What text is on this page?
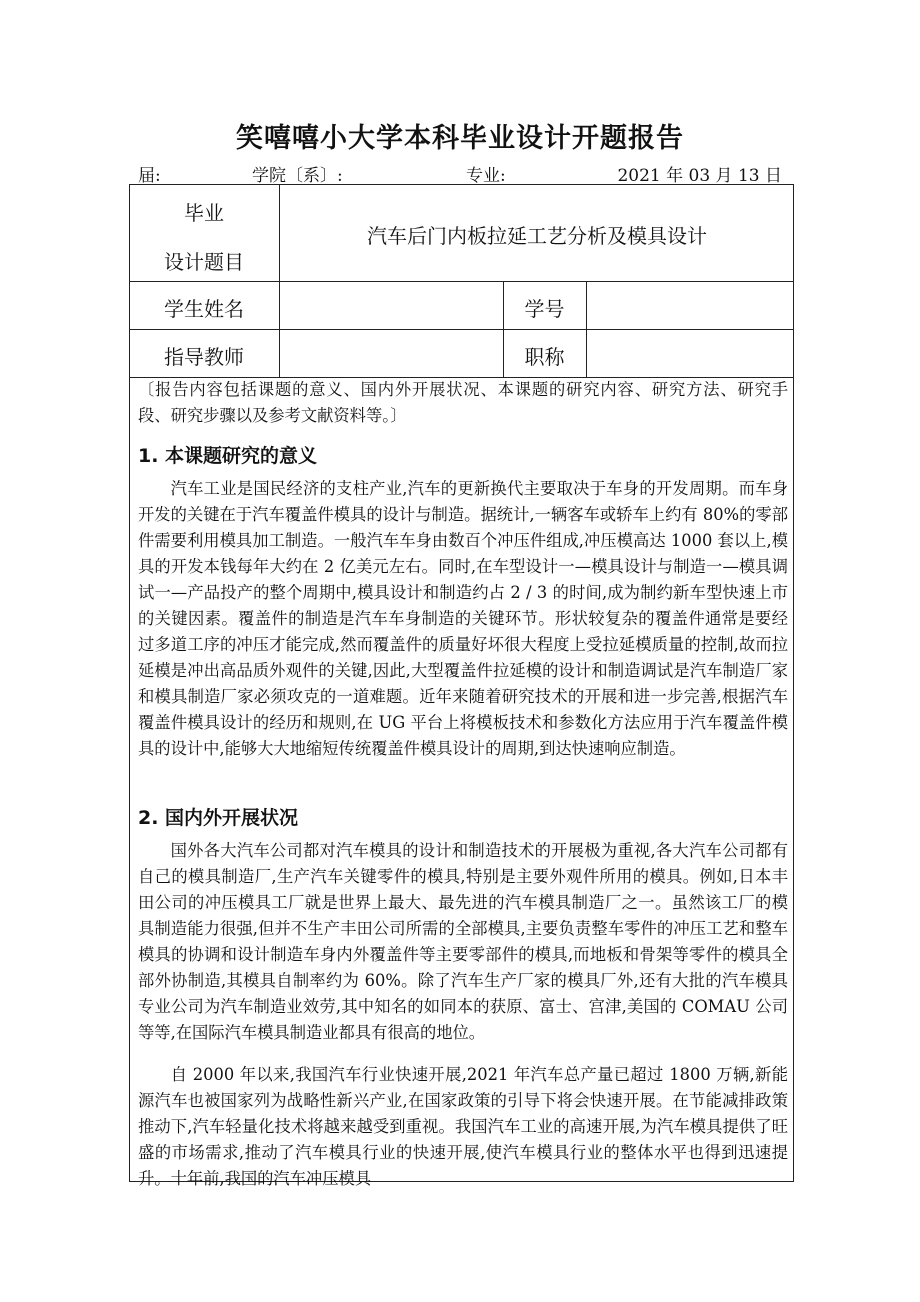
笑嘻嘻小大学本科毕业设计开题报告
届:	学院〔系〕:	专业:	2021 年 03 月 13 日
毕业
设计题目
汽车后门内板拉延工艺分析及模具设计
学生姓名	学号
指导教师	职称
〔报告内容包括课题的意义、国内外开展状况、本课题的研究内容、研究方法、研究手段、研究步骤以及参考文献资料等。〕
1. 本课题研究的意义

汽车工业是国民经济的支柱产业,汽车的更新换代主要取决于车身的开发周期。而车身开发的关键在于汽车覆盖件模具的设计与制造。据统计,一辆客车或轿车上约有 80%的零部件需要利用模具加工制造。一般汽车车身由数百个冲压件组成,冲压模高达 1000 套以上,模具的开发本钱每年大约在 2 亿美元左右。同时,在车型设计一—模具设计与制造一—模具调试一—产品投产的整个周期中,模具设计和制造约占 2 / 3 的时间,成为制约新车型快速上市的关键因素。覆盖件的制造是汽车车身制造的关键环节。形状较复杂的覆盖件通常是要经过多道工序的冲压才能完成,然而覆盖件的质量好坏很大程度上受拉延模质量的控制,故而拉延模是冲出高品质外观件的关键,因此,大型覆盖件拉延模的设计和制造调试是汽车制造厂家和模具制造厂家必须攻克的一道难题。近年来随着研究技术的开展和进一步完善,根据汽车覆盖件模具设计的经历和规则,在 UG 平台上将模板技术和参数化方法应用于汽车覆盖件模具的设计中,能够大大地缩短传统覆盖件模具设计的周期,到达快速响应制造。

2. 国内外开展状况

国外各大汽车公司都对汽车模具的设计和制造技术的开展极为重视,各大汽车公司都有自己的模具制造厂,生产汽车关键零件的模具,特别是主要外观件所用的模具。例如,日本丰田公司的冲压模具工厂就是世界上最大、最先进的汽车模具制造厂之一。虽然该工厂的模具制造能力很强,但并不生产丰田公司所需的全部模具,主要负责整车零件的冲压工艺和整车模具的协调和设计制造车身内外覆盖件等主要零部件的模具,而地板和骨架等零件的模具全部外协制造,其模具自制率约为 60%。除了汽车生产厂家的模具厂外,还有大批的汽车模具专业公司为汽车制造业效劳,其中知名的如同本的获原、富士、宫津,美国的 COMAU 公司等等,在国际汽车模具制造业都具有很高的地位。

自 2000 年以来,我国汽车行业快速开展,2021 年汽车总产量已超过 1800 万辆,新能源汽车也被国家列为战略性新兴产业,在国家政策的引导下将会快速开展。在节能减排政策推动下,汽车轻量化技术将越来越受到重视。我国汽车工业的高速开展,为汽车模具提供了旺盛的市场需求,推动了汽车模具行业的快速开展,使汽车模具行业的整体水平也得到迅速提升。十年前,我国的汽车冲压模具
